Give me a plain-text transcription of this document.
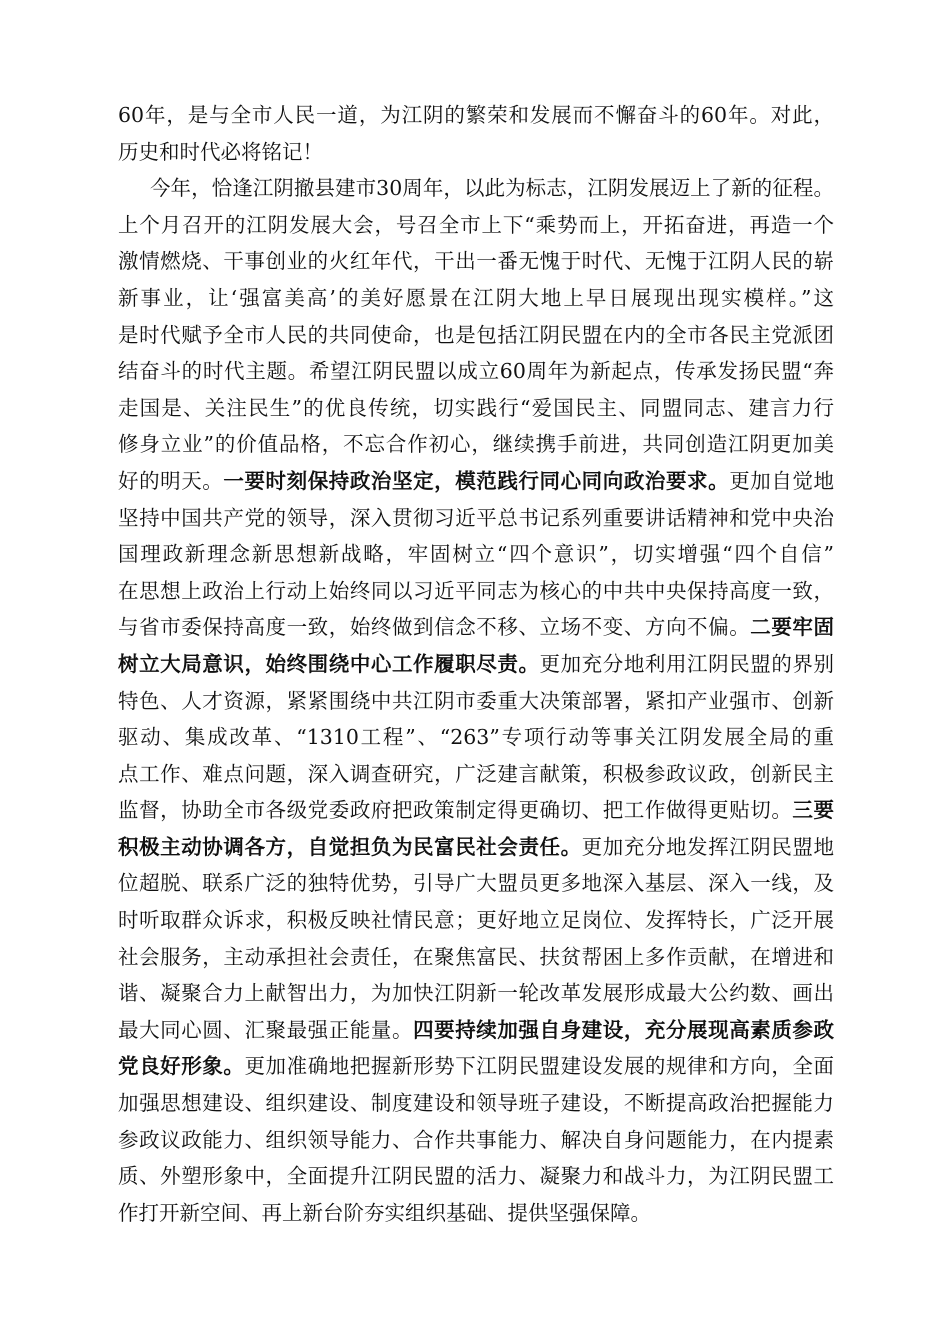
60年，是与全市人民一道，为江阴的繁荣和发展而不懈奋斗的60年。对此，
历史和时代必将铭记！
今年，恰逢江阴撤县建市30周年，以此为标志，江阴发展迈上了新的征程。
上个月召开的江阴发展大会，号召全市上下“乘势而上，开拓奋进，再造一个
激情燃烧、干事创业的火红年代，干出一番无愧于时代、无愧于江阴人民的崭
新事业，让‘强富美高’的美好愿景在江阴大地上早日展现出现实模样。”这
是时代赋予全市人民的共同使命，也是包括江阴民盟在内的全市各民主党派团
结奋斗的时代主题。希望江阴民盟以成立60周年为新起点，传承发扬民盟“奔
走国是、关注民生”的优良传统，切实践行“爱国民主、同盟同志、建言力行
修身立业”的价值品格，不忘合作初心，继续携手前进，共同创造江阴更加美
好的明天。一要时刻保持政治坚定，模范践行同心同向政治要求。更加自觉地
坚持中国共产党的领导，深入贯彻习近平总书记系列重要讲话精神和党中央治
国理政新理念新思想新战略，牢固树立“四个意识”，切实增强“四个自信”
在思想上政治上行动上始终同以习近平同志为核心的中共中央保持高度一致，
与省市委保持高度一致，始终做到信念不移、立场不变、方向不偏。二要牢固
树立大局意识，始终围绕中心工作履职尽责。更加充分地利用江阴民盟的界别
特色、人才资源，紧紧围绕中共江阴市委重大决策部署，紧扣产业强市、创新
驱动、集成改革、“1310工程”、“263”专项行动等事关江阴发展全局的重
点工作、难点问题，深入调查研究，广泛建言献策，积极参政议政，创新民主
监督，协助全市各级党委政府把政策制定得更确切、把工作做得更贴切。三要
积极主动协调各方，自觉担负为民富民社会责任。更加充分地发挥江阴民盟地
位超脱、联系广泛的独特优势，引导广大盟员更多地深入基层、深入一线，及
时听取群众诉求，积极反映社情民意；更好地立足岗位、发挥特长，广泛开展
社会服务，主动承担社会责任，在聚焦富民、扶贫帮困上多作贡献，在增进和
谐、凝聚合力上献智出力，为加快江阴新一轮改革发展形成最大公约数、画出
最大同心圆、汇聚最强正能量。四要持续加强自身建设，充分展现高素质参政
党良好形象。更加准确地把握新形势下江阴民盟建设发展的规律和方向，全面
加强思想建设、组织建设、制度建设和领导班子建设，不断提高政治把握能力
参政议政能力、组织领导能力、合作共事能力、解决自身问题能力，在内提素
质、外塑形象中，全面提升江阴民盟的活力、凝聚力和战斗力，为江阴民盟工
作打开新空间、再上新台阶夯实组织基础、提供坚强保障。
